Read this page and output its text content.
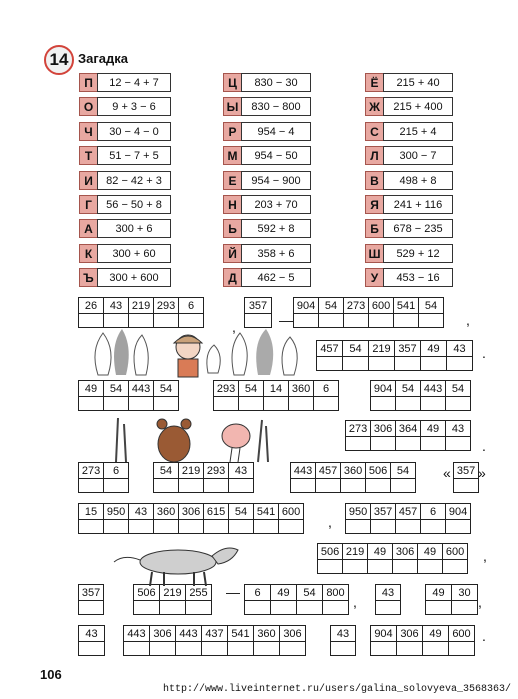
14 Загадка
П	12 − 4 + 7
О	9 + 3 − 6
Ч	30 − 4 − 0
Т	51 − 7 + 5
И	82 − 42 + 3
Г	56 − 50 + 8
А	300 + 6
К	300 + 60
Ъ	300 + 600
Ц	830 − 30
Ы	830 − 800
Р	954 − 4
М	954 − 50
Е	954 − 900
Н	203 + 70
Ь	592 + 8
Й	358 + 6
Д	462 − 5
Ё	215 + 40
Ж	215 + 400
С	215 + 4
Л	300 − 7
В	498 + 8
Я	241 + 116
Б	678 − 235
Ш	529 + 12
У	453 − 16
26	43 219 293	6	357	904 54 273 600 541 54
457 54 219 357 49	43
49	54 443 54	293 54	14 360	6	904 54 443 54
273 306 364 49	43
273	6	54 219 293 43	443 457 360 506 54	357
15 950 43 360 306 615 54 541 600	950 357 457	6	904
506 219 49 306 49 600
357	506 219 255	6	49	54 800	43	49	30
43	443 306 443 437 541 360 306	43	904 306 49 600
—
,	,
.
« »
.
,
,
—
,	,
.
106
http://www.liveinternet.ru/users/galina_solovyeva_3568363/
